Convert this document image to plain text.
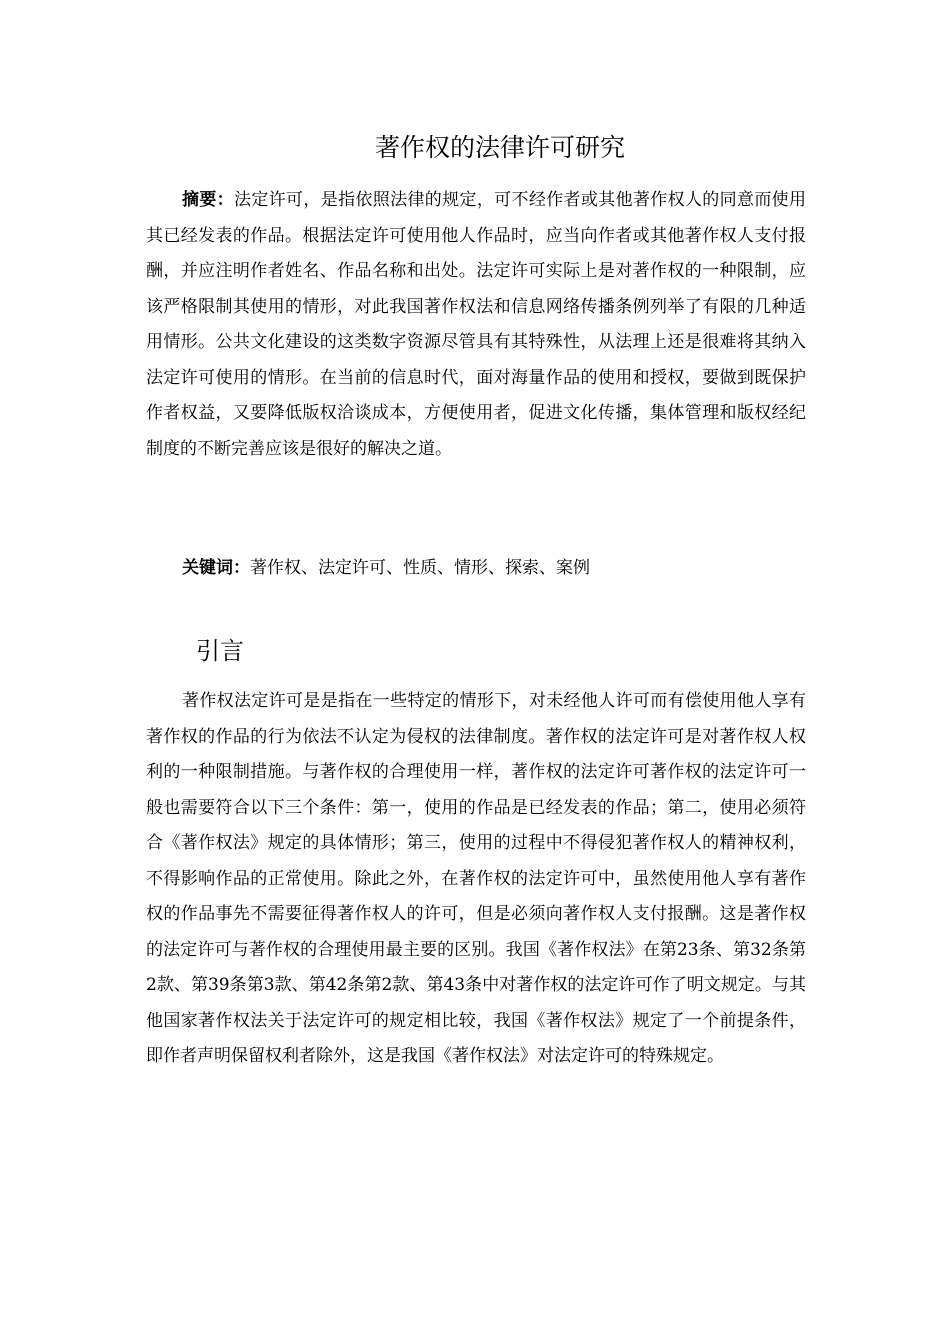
著作权的法律许可研究

摘要：法定许可，是指依照法律的规定，可不经作者或其他著作权人的同意而使用其已经发表的作品。根据法定许可使用他人作品时，应当向作者或其他著作权人支付报酬，并应注明作者姓名、作品名称和出处。法定许可实际上是对著作权的一种限制，应该严格限制其使用的情形，对此我国著作权法和信息网络传播条例列举了有限的几种适用情形。公共文化建设的这类数字资源尽管具有其特殊性，从法理上还是很难将其纳入法定许可使用的情形。在当前的信息时代，面对海量作品的使用和授权，要做到既保护作者权益，又要降低版权洽谈成本，方便使用者，促进文化传播，集体管理和版权经纪制度的不断完善应该是很好的解决之道。

关键词：著作权、法定许可、性质、情形、探索、案例

引言

著作权法定许可是是指在一些特定的情形下，对未经他人许可而有偿使用他人享有著作权的作品的行为依法不认定为侵权的法律制度。著作权的法定许可是对著作权人权利的一种限制措施。与著作权的合理使用一样，著作权的法定许可著作权的法定许可一般也需要符合以下三个条件：第一，使用的作品是已经发表的作品；第二，使用必须符合《著作权法》规定的具体情形；第三，使用的过程中不得侵犯著作权人的精神权利，不得影响作品的正常使用。除此之外，在著作权的法定许可中，虽然使用他人享有著作权的作品事先不需要征得著作权人的许可，但是必须向著作权人支付报酬。这是著作权的法定许可与著作权的合理使用最主要的区别。我国《著作权法》在第23条、第32条第2款、第39条第3款、第42条第2款、第43条中对著作权的法定许可作了明文规定。与其他国家著作权法关于法定许可的规定相比较，我国《著作权法》规定了一个前提条件，即作者声明保留权利者除外，这是我国《著作权法》对法定许可的特殊规定。
